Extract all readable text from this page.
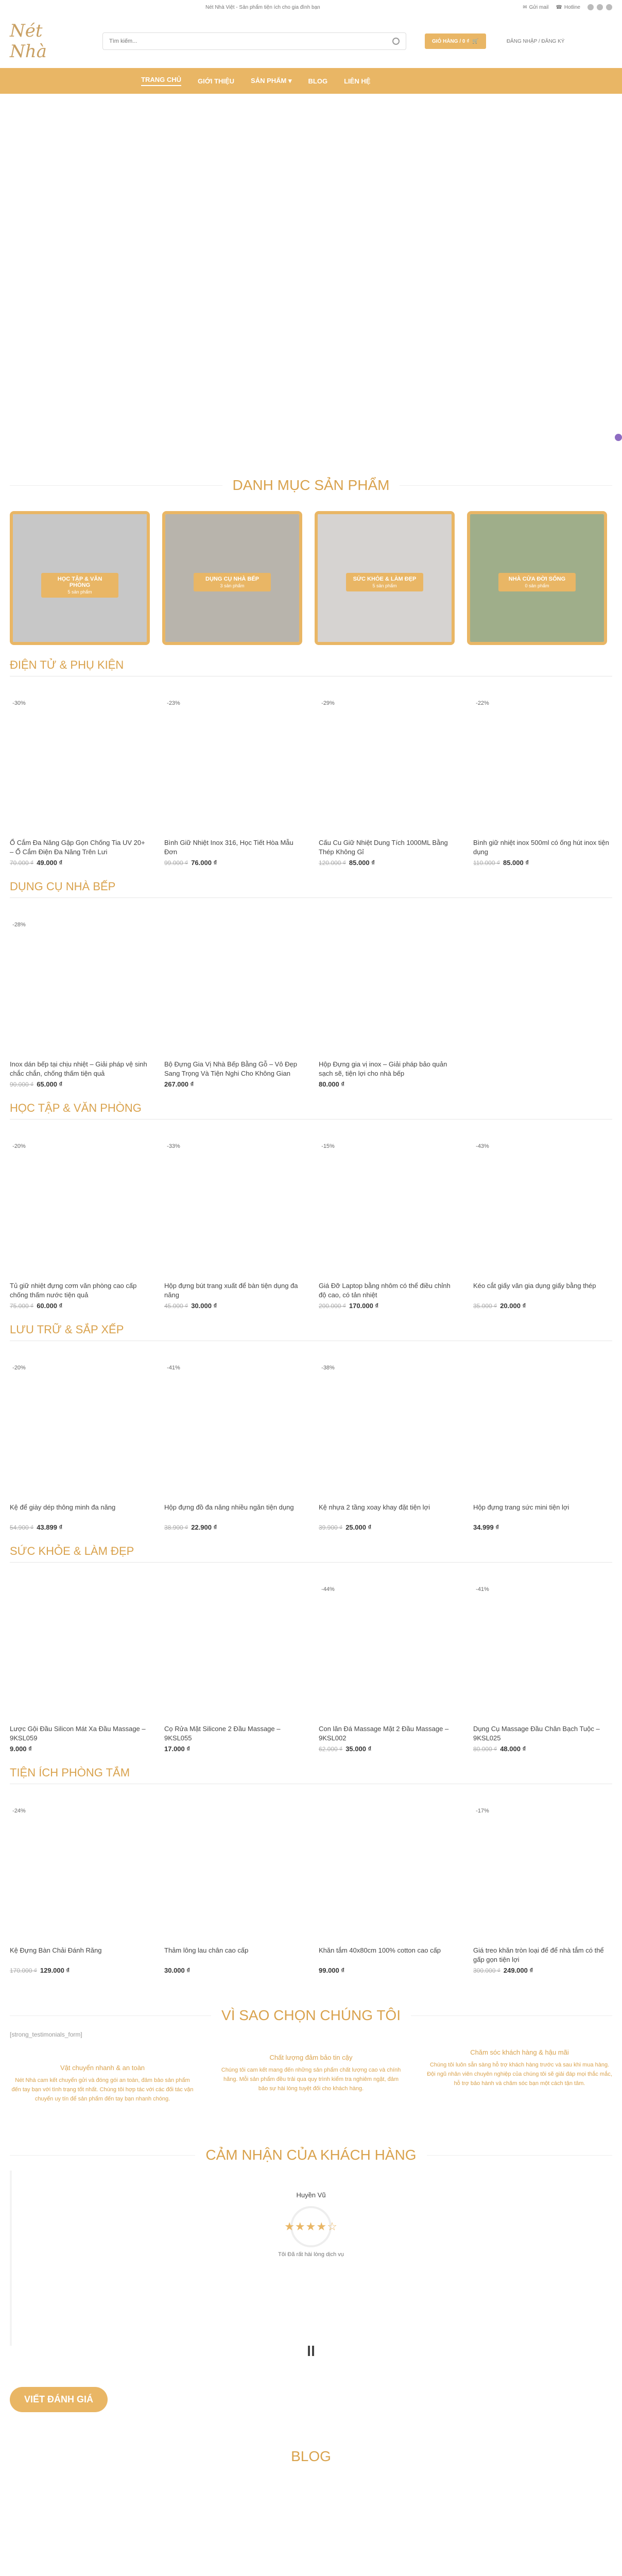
Nét Nhà Việt - Sản phẩm tiện ích cho gia đình bạn	✉ Gửi mail ☎ Hotline
Nét Nhà
Tìm kiếm...	GIỎ HÀNG / 0 ₫ 🛒	ĐĂNG NHẬP / ĐĂNG KÝ
TRANG CHỦ GIỚI THIỆU SẢN PHẨM ▾ BLOG LIÊN HỆ
DANH MỤC SẢN PHẨM
HỌC TẬP & VĂN PHÒNG
5 sản phẩm
DỤNG CỤ NHÀ BẾP
3 sản phẩm
SỨC KHỎE & LÀM ĐẸP
5 sản phẩm
NHÀ CỬA ĐỜI SỐNG
0 sản phẩm
ĐIỆN TỬ & PHỤ KIỆN
-30%
Ổ Cắm Đa Năng Gập Gọn Chống Tia UV 20+ – Ổ Cắm Điện Đa Năng Trên Lưi
70.000 ₫ 49.000 ₫
-23%
Bình Giữ Nhiệt Inox 316, Học Tiết Hòa Mẫu Đơn
99.000 ₫ 76.000 ₫
-29%
Cấu Cu Giữ Nhiệt Dung Tích 1000ML Bằng Thép Không Gỉ
120.000 ₫ 85.000 ₫
-22%
Bình giữ nhiệt inox 500ml có ống hút inox tiện dụng
110.000 ₫ 85.000 ₫
DỤNG CỤ NHÀ BẾP
-28%
Inox dán bếp tại chịu nhiệt – Giải pháp vệ sinh chắc chắn, chống thấm tiện quả
90.000 ₫ 65.000 ₫
Bộ Đựng Gia Vị Nhà Bếp Bằng Gỗ – Vô Đẹp Sang Trọng Và Tiện Nghi Cho Không Gian
267.000 ₫
Hộp Đựng gia vị inox – Giải pháp bảo quản sạch sẽ, tiện lợi cho nhà bếp
80.000 ₫
HỌC TẬP & VĂN PHÒNG
-20%
Tủ giữ nhiệt đựng cơm văn phòng cao cấp chống thấm nước tiện quả
75.000 ₫ 60.000 ₫
-33%
Hộp đựng bút trang xuất để bàn tiện dụng đa năng
45.000 ₫ 30.000 ₫
-15%
Giá Đỡ Laptop bằng nhôm có thể điều chỉnh độ cao, có tản nhiệt
200.000 ₫ 170.000 ₫
-43%
Kéo cắt giấy văn gia dụng giấy bằng thép
35.000 ₫ 20.000 ₫
LƯU TRỮ & SẮP XẾP
-20%
Kệ để giày dép thông minh đa năng
54.900 ₫ 43.899 ₫
-41%
Hộp đựng đồ đa năng nhiều ngăn tiện dụng
38.900 ₫ 22.900 ₫
-38%
Kệ nhựa 2 tầng xoay khay đặt tiện lợi
39.900 ₫ 25.000 ₫
Hộp đựng trang sức mini tiện lợi
34.999 ₫
SỨC KHỎE & LÀM ĐẸP
Lược Gội Đầu Silicon Mát Xa Đầu Massage – 9KSL059
9.000 ₫
Cọ Rửa Mặt Silicone 2 Đầu Massage – 9KSL055
17.000 ₫
-44%
Con lăn Đá Massage Mặt 2 Đầu Massage – 9KSL002
62.000 ₫ 35.000 ₫
-41%
Dụng Cụ Massage Đầu Chân Bạch Tuộc – 9KSL025
80.000 ₫ 48.000 ₫
TIỆN ÍCH PHÒNG TẮM
-24%
Kệ Đựng Bàn Chải Đánh Răng
170.000 ₫ 129.000 ₫
Thảm lông lau chân cao cấp
30.000 ₫
Khăn tắm 40x80cm 100% cotton cao cấp
99.000 ₫
-17%
Giá treo khăn tròn loại để để nhà tắm có thể gấp gọn tiện lợi
300.000 ₫ 249.000 ₫
VÌ SAO CHỌN CHÚNG TÔI
[strong_testimonials_form]
Vật chuyển nhanh & an toàn

Nét Nhà cam kết chuyển gửi và đóng gói an toàn, đảm bảo sản phẩm đến tay bạn với tình trạng tốt nhất. Chúng tôi hợp tác với các đối tác vận chuyển uy tín để sản phẩm đến tay bạn nhanh chóng.

Chất lượng đảm bảo tin cậy

Chúng tôi cam kết mang đến những sản phẩm chất lượng cao và chính hãng. Mỗi sản phẩm đều trải qua quy trình kiểm tra nghiêm ngặt, đảm bảo sự hài lòng tuyệt đối cho khách hàng.

Chăm sóc khách hàng & hậu mãi

Chúng tôi luôn sẵn sàng hỗ trợ khách hàng trước và sau khi mua hàng. Đội ngũ nhân viên chuyên nghiệp của chúng tôi sẽ giải đáp mọi thắc mắc, hỗ trợ bảo hành và chăm sóc bạn một cách tận tâm.

CẢM NHẬN CỦA KHÁCH HÀNG
Huyền Vũ
★★★★☆
Tôi Đã rất hài lòng dịch vụ
VIẾT ĐÁNH GIÁ
BLOG
